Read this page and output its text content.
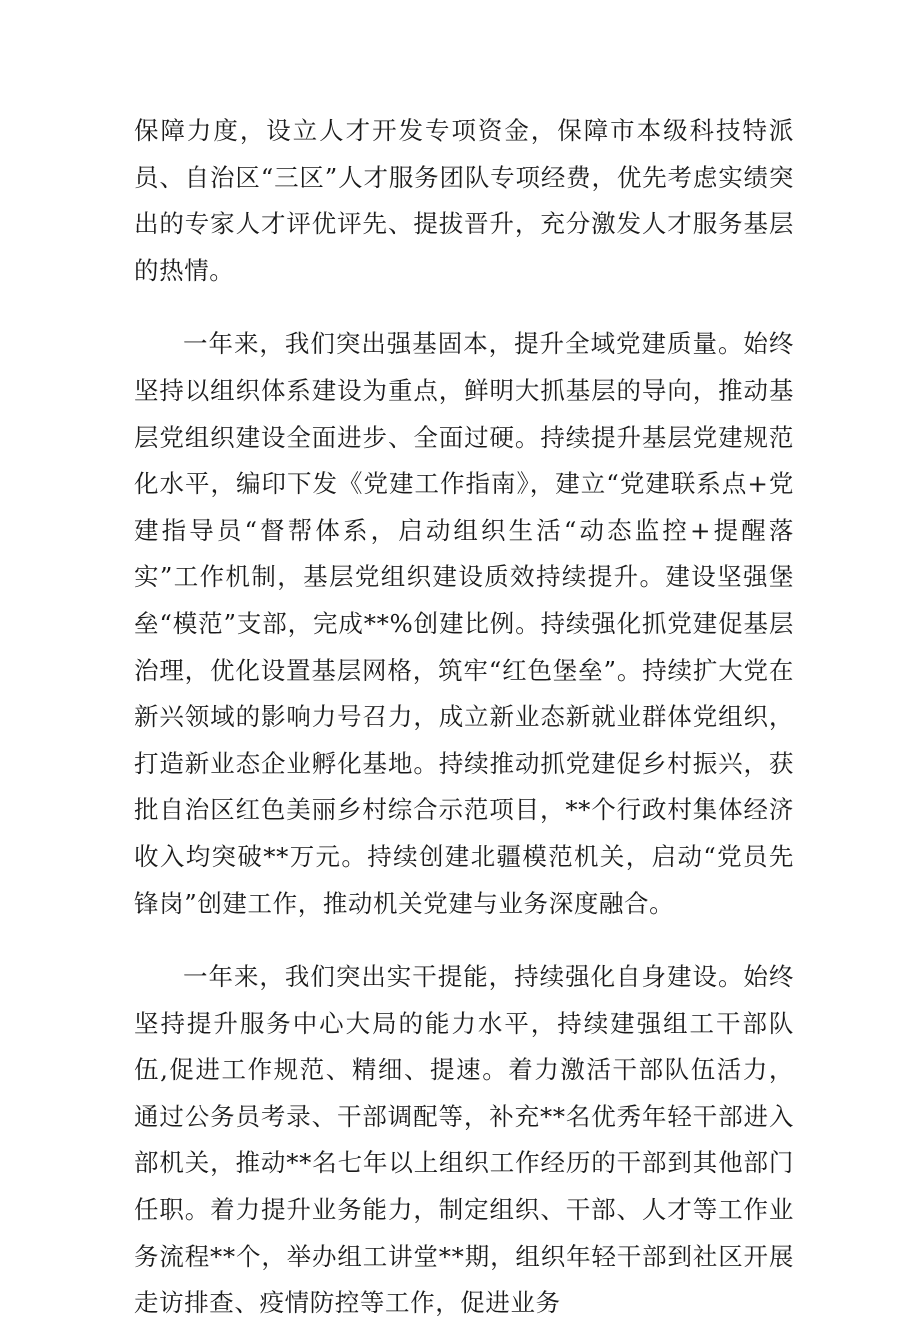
保障力度，设立人才开发专项资金，保障市本级科技特派员、自治区“三区”人才服务团队专项经费，优先考虑实绩突出的专家人才评优评先、提拔晋升，充分激发人才服务基层的热情。

一年来，我们突出强基固本，提升全域党建质量。始终坚持以组织体系建设为重点，鲜明大抓基层的导向，推动基层党组织建设全面进步、全面过硬。持续提升基层党建规范化水平，编印下发《党建工作指南》，建立“党建联系点+党建指导员“督帮体系，启动组织生活“动态监控+提醒落实”工作机制，基层党组织建设质效持续提升。建设坚强堡垒“模范”支部，完成**%创建比例。持续强化抓党建促基层治理，优化设置基层网格，筑牢“红色堡垒”。持续扩大党在新兴领域的影响力号召力，成立新业态新就业群体党组织，打造新业态企业孵化基地。持续推动抓党建促乡村振兴，获批自治区红色美丽乡村综合示范项目，**个行政村集体经济收入均突破**万元。持续创建北疆模范机关，启动“党员先锋岗”创建工作，推动机关党建与业务深度融合。

一年来，我们突出实干提能，持续强化自身建设。始终坚持提升服务中心大局的能力水平，持续建强组工干部队伍,促进工作规范、精细、提速。着力激活干部队伍活力，通过公务员考录、干部调配等，补充**名优秀年轻干部进入部机关，推动**名七年以上组织工作经历的干部到其他部门任职。着力提升业务能力，制定组织、干部、人才等工作业务流程**个，举办组工讲堂**期，组织年轻干部到社区开展走访排查、疫情防控等工作，促进业务
